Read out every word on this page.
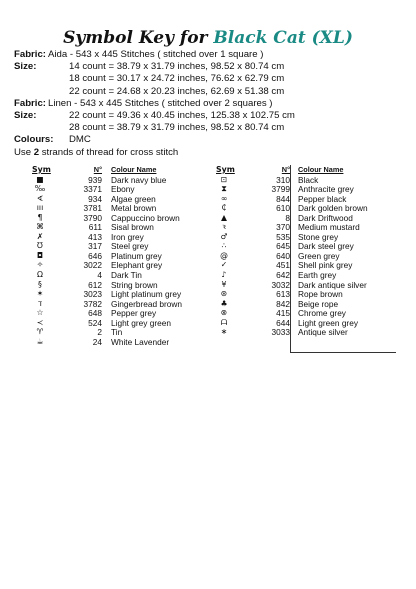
Symbol Key for Black Cat (XL)
Fabric: Aida - 543 x 445 Stitches ( stitched over 1 square )
Size:	14 count = 38.79 x 31.79 inches, 98.52 x 80.74 cm
18 count = 30.17 x 24.72 inches, 76.62 x 62.79 cm
22 count = 24.68 x 20.23 inches, 62.69 x 51.38 cm
Fabric: Linen - 543 x 445 Stitches ( stitched over 2 squares )
Size:	22 count = 49.36 x 40.45 inches, 125.38 x 102.75 cm
28 count = 38.79 x 31.79 inches, 98.52 x 80.74 cm
Colours: DMC
Use 2 strands of thread for cross stitch
Sym	N° Colour Name
■	939 Dark navy blue
‰	3371 Ebony
∢	934 Algae green
ııı	3781 Metal brown
¶	3790 Cappuccino brown
⌘	611 Sisal brown
✗	413 Iron grey
℧	317 Steel grey
◘	646 Platinum grey
✧	3022 Elephant grey
Ω	4 Dark Tin
§	612 String brown
✶	3023 Light platinum grey
ד	3782 Gingerbread brown
☆	648 Pepper grey
≺	524 Light grey green
♈	2 Tin
☕	24 White Lavender
Sym	N° Colour Name
⊡	310 Black
⧗	3799 Anthracite grey
∞	844 Pepper black
₵	610 Dark golden brown
▲	8 Dark Driftwood
ꝛ	370 Medium mustard
♂	535 Stone grey
∴	645 Dark steel grey
@	640 Green grey
✓	451 Shell pink grey
♪	642 Earth grey
¥	3032 Dark antique silver
⊛	613 Rope brown
♣	842 Beige rope
⊗	415 Chrome grey
ᗩ	644 Light green grey
∗	3033 Antique silver
